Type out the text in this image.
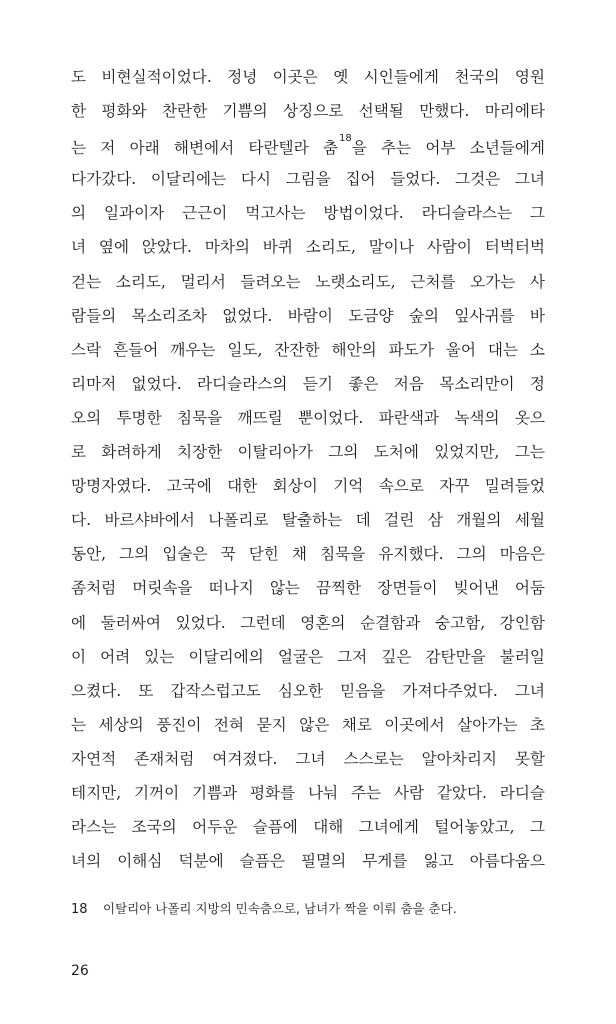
도 비현실적이었다. 정녕 이곳은 옛 시인들에게 천국의 영원
한 평화와 찬란한 기쁨의 상징으로 선택될 만했다. 마리에타
는 저 아래 해변에서 타란텔라 춤$^{18}$을 추는 어부 소년들에게
다가갔다. 이달리에는 다시 그림을 집어 들었다. 그것은 그녀
의 일과이자 근근이 먹고사는 방법이었다. 라디슬라스는 그
녀 옆에 앉았다. 마차의 바퀴 소리도, 말이나 사람이 터벅터벅
걷는 소리도, 멀리서 들려오는 노랫소리도, 근처를 오가는 사
람들의 목소리조차 없었다. 바람이 도금양 숲의 잎사귀를 바
스락 흔들어 깨우는 일도, 잔잔한 해안의 파도가 울어 대는 소
리마저 없었다. 라디슬라스의 듣기 좋은 저음 목소리만이 정
오의 투명한 침묵을 깨뜨릴 뿐이었다. 파란색과 녹색의 옷으
로 화려하게 치장한 이탈리아가 그의 도처에 있었지만, 그는
망명자였다. 고국에 대한 회상이 기억 속으로 자꾸 밀려들었
다. 바르샤바에서 나폴리로 탈출하는 데 걸린 삼 개월의 세월
동안, 그의 입술은 꾹 닫힌 채 침묵을 유지했다. 그의 마음은
좀처럼 머릿속을 떠나지 않는 끔찍한 장면들이 빚어낸 어둠
에 둘러싸여 있었다. 그런데 영혼의 순결함과 숭고함, 강인함
이 어려 있는 이달리에의 얼굴은 그저 깊은 감탄만을 불러일
으켰다. 또 갑작스럽고도 심오한 믿음을 가져다주었다. 그녀
는 세상의 풍진이 전혀 묻지 않은 채로 이곳에서 살아가는 초
자연적 존재처럼 여겨졌다. 그녀 스스로는 알아차리지 못할
테지만, 기꺼이 기쁨과 평화를 나눠 주는 사람 같았다. 라디슬
라스는 조국의 어두운 슬픔에 대해 그녀에게 털어놓았고, 그
녀의 이해심 덕분에 슬픔은 필멸의 무게를 잃고 아름다움으
18 이탈리아 나폴리 지방의 민속춤으로, 남녀가 짝을 이뤄 춤을 춘다.
26
